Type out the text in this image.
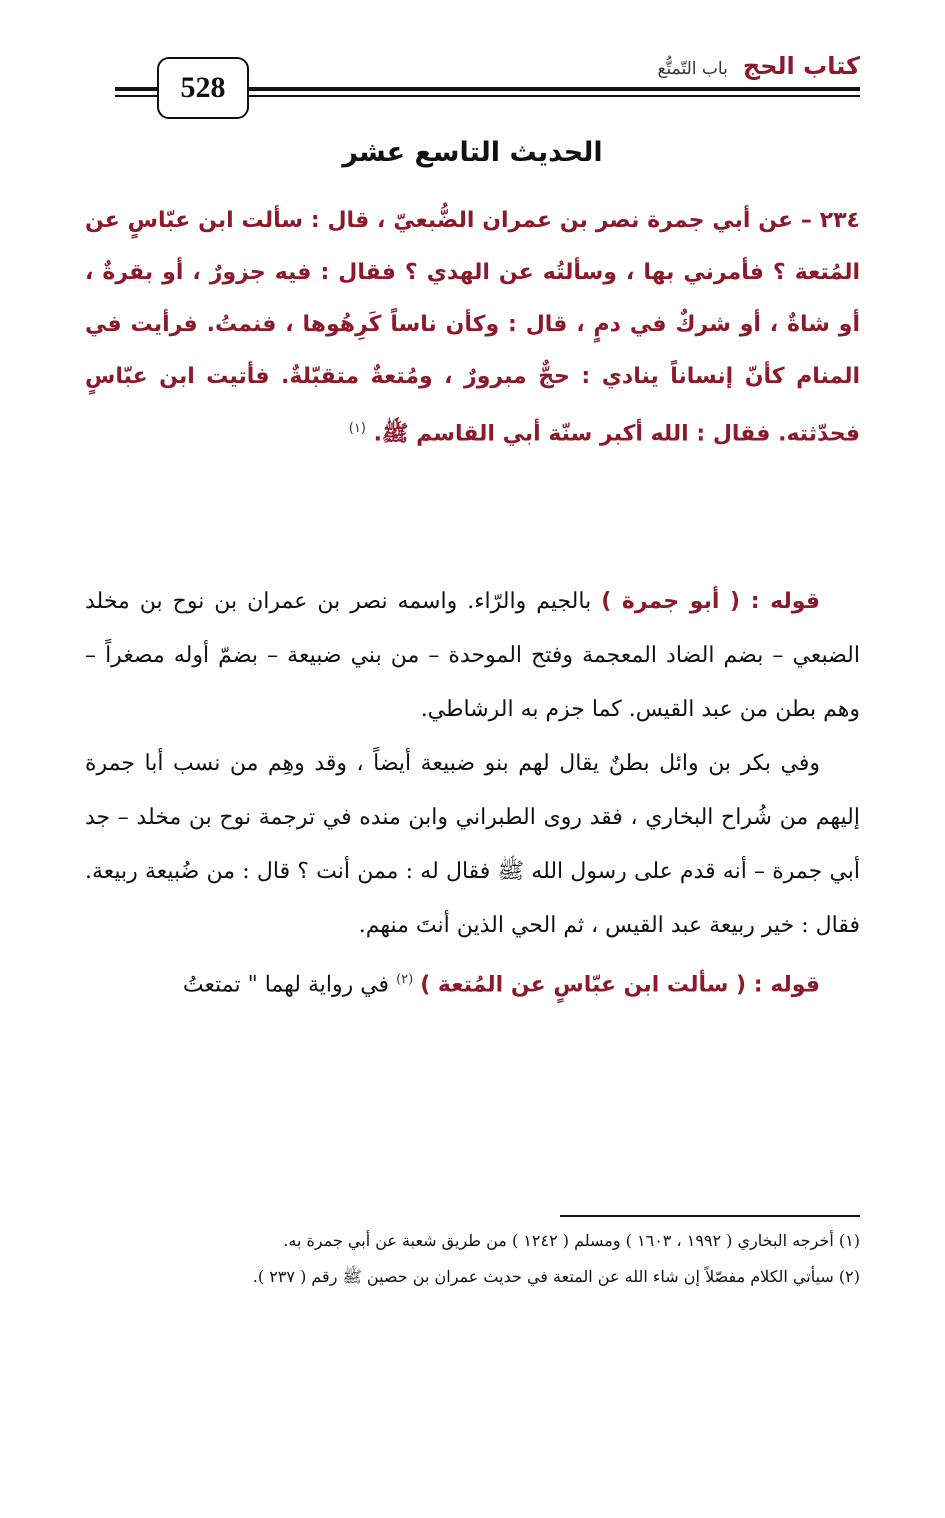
كتاب الحج باب التّمتُّع
528
الحديث التاسع عشر
٢٣٤ – عن أبي جمرة نصر بن عمران الضُّبعيّ ، قال : سألت ابن عبّاسٍ عن المُتعة ؟ فأمرني بها ، وسألتُه عن الهدي ؟ فقال : فيه جزورٌ ، أو بقرةٌ ، أو شاةٌ ، أو شركٌ في دمٍ ، قال : وكأن ناساً كَرِهُوها ، فنمتُ. فرأيت في المنام كأنّ إنساناً ينادي : حجٌّ مبرورٌ ، ومُتعةٌ متقبّلةٌ. فأتيت ابن عبّاسٍ فحدّثته. فقال : الله أكبر سنّة أبي القاسم ﷺ. $^{(١)}$

قوله : ( أبو جمرة ) بالجيم والرّاء. واسمه نصر بن عمران بن نوح بن مخلد الضبعي – بضم الضاد المعجمة وفتح الموحدة – من بني ضبيعة – بضمّ أوله مصغراً – وهم بطن من عبد القيس. كما جزم به الرشاطي.

وفي بكر بن وائل بطنٌ يقال لهم بنو ضبيعة أيضاً ، وقد وهِم من نسب أبا جمرة إليهم من شُراح البخاري ، فقد روى الطبراني وابن منده في ترجمة نوح بن مخلد – جد أبي جمرة – أنه قدم على رسول الله ﷺ فقال له : ممن أنت ؟ قال : من ضُبيعة ربيعة. فقال : خير ربيعة عبد القيس ، ثم الحي الذين أنتَ منهم.

قوله : ( سألت ابن عبّاسٍ عن المُتعة ) $^{(٢)}$ في رواية لهما " تمتعتُ

(١) أخرجه البخاري ( ١٩٩٢ ، ١٦٠٣ ) ومسلم ( ١٢٤٢ ) من طريق شعبة عن أبي جمرة به.

(٢) سيأتي الكلام مفصّلاً إن شاء الله عن المتعة في حديث عمران بن حصين ﷺ رقم ( ٢٣٧ ).
